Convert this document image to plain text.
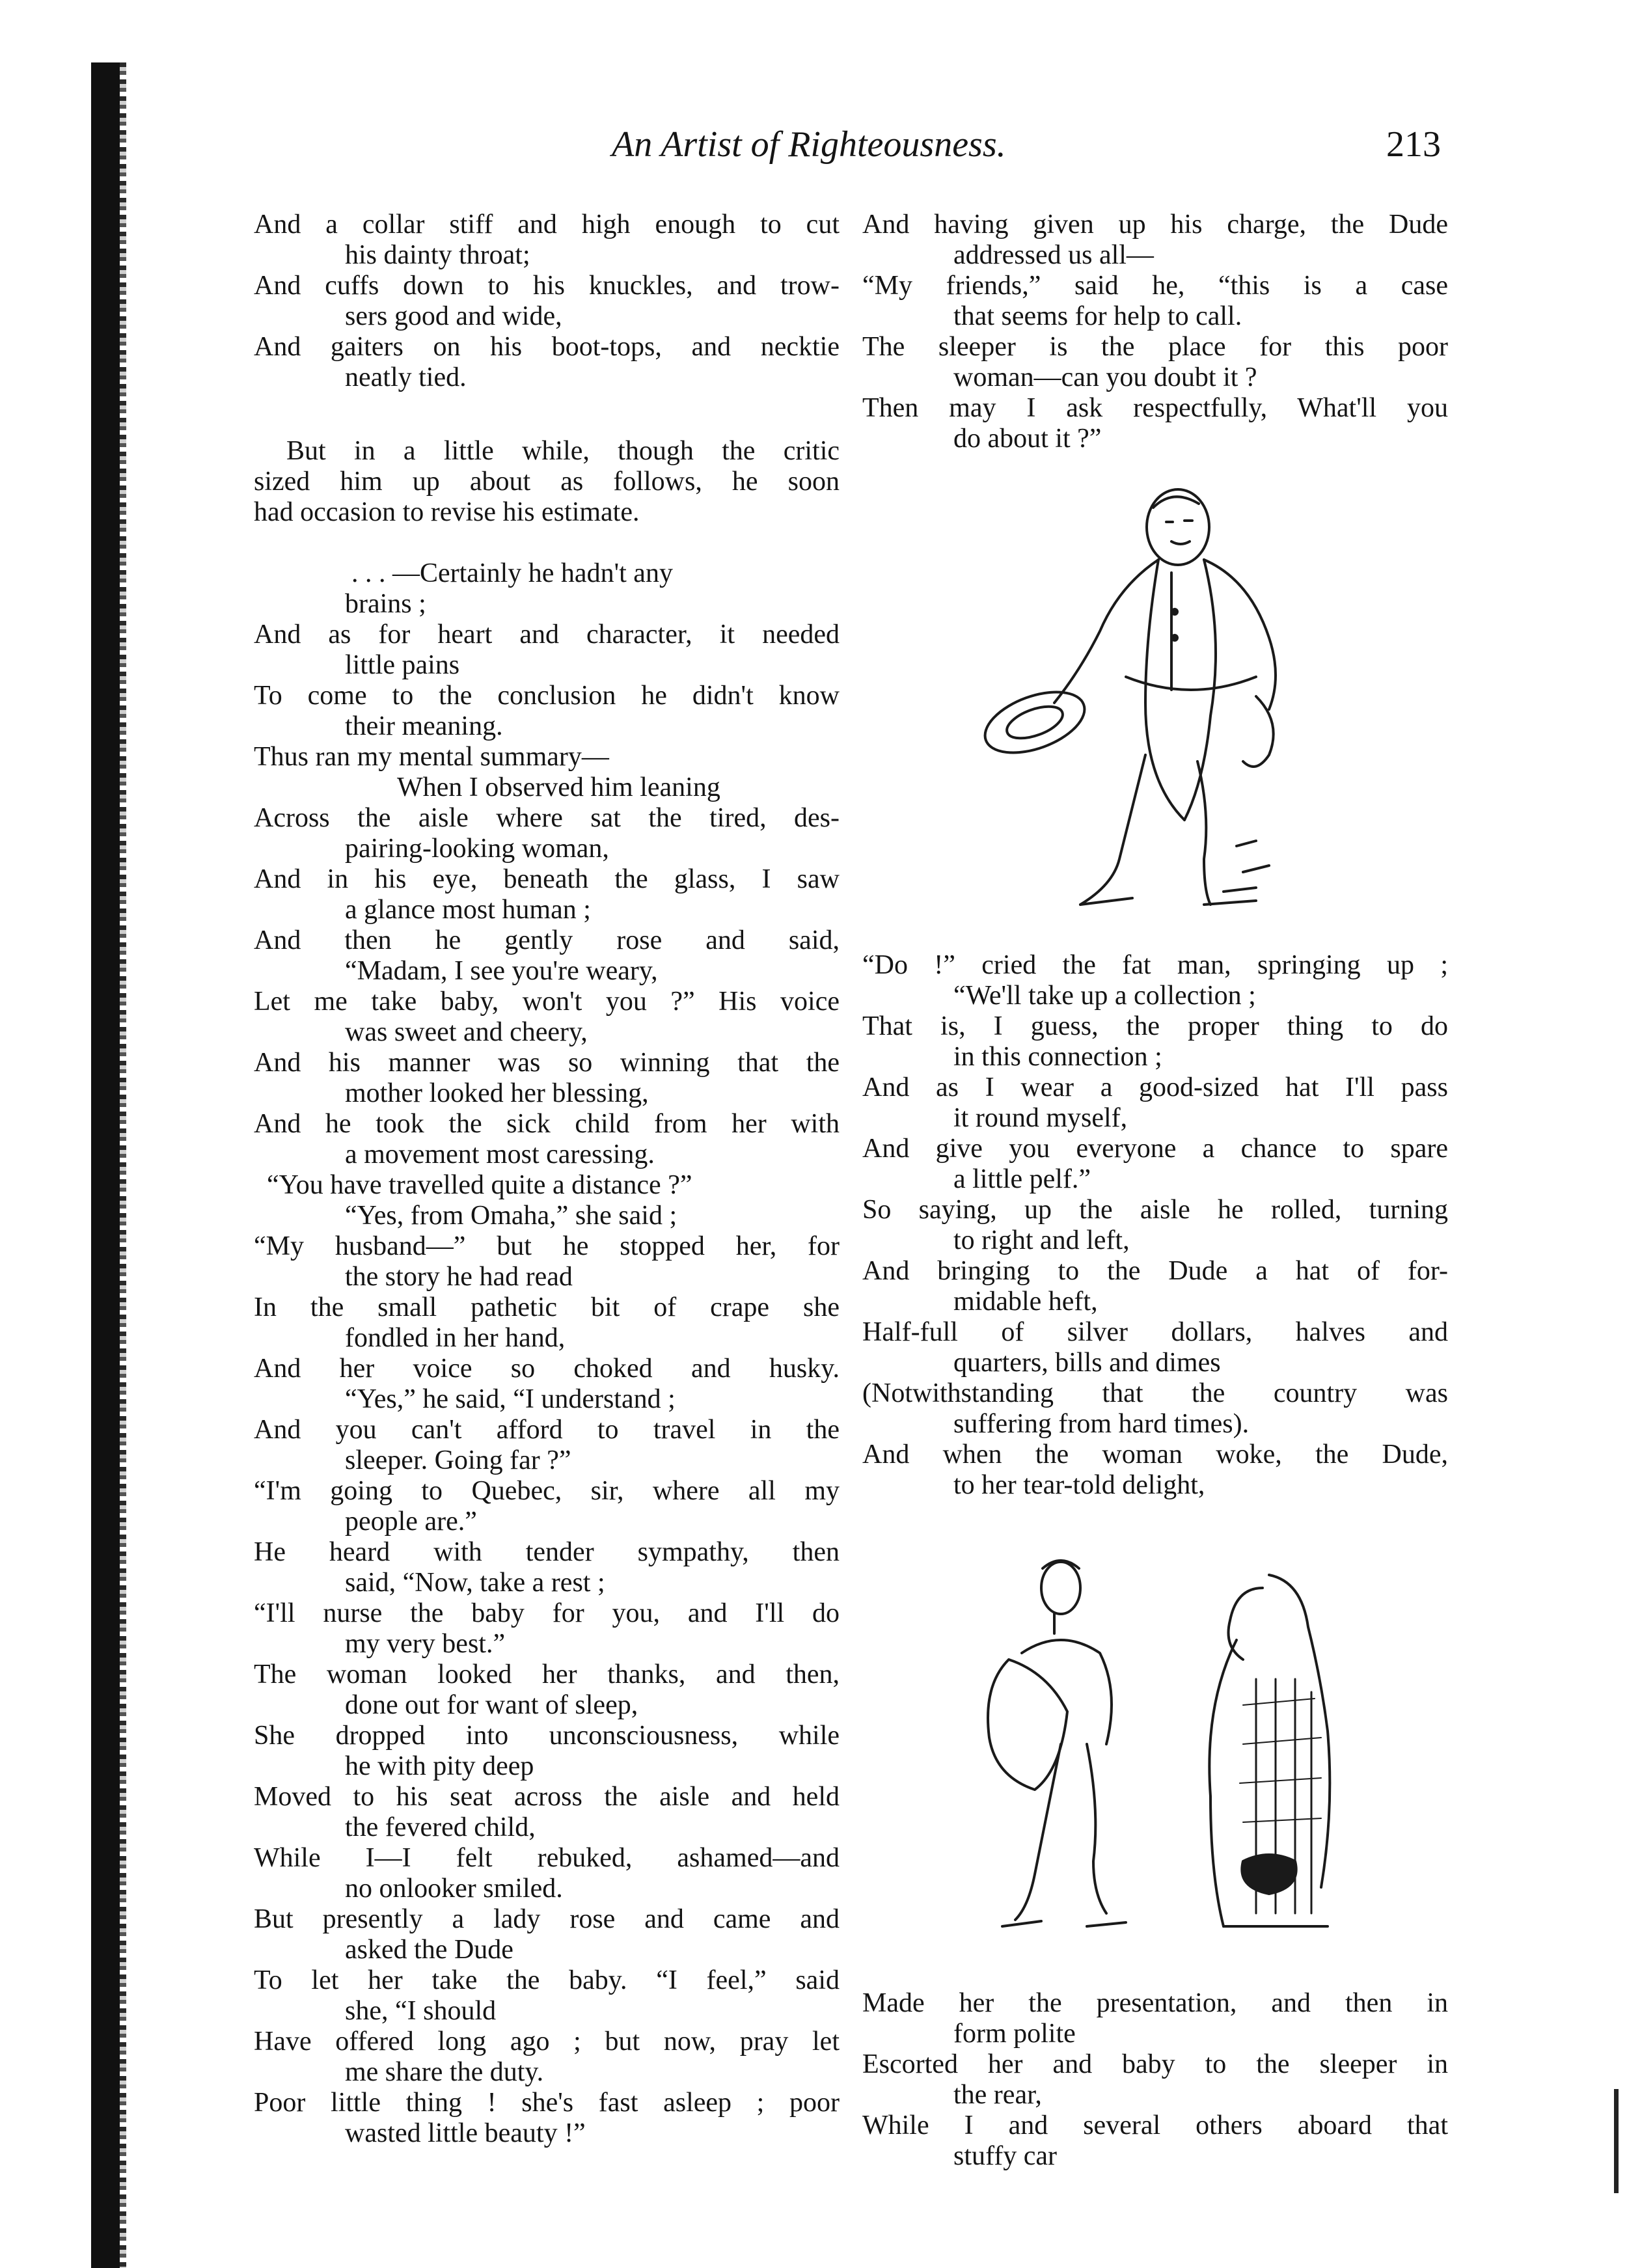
An Artist of Righteousness.	213
And a collar stiff and high enough to cut
his dainty throat;
And cuffs down to his knuckles, and trow-
sers good and wide,
And gaiters on his boot-tops, and necktie
neatly tied.
But in a little while, though the critic
sized him up about as follows, he soon
had occasion to revise his estimate.
. . . —Certainly he hadn't any
brains ;
And as for heart and character, it needed
little pains
To come to the conclusion he didn't know
their meaning.
Thus ran my mental summary—
When I observed him leaning
Across the aisle where sat the tired, des-
pairing-looking woman,
And in his eye, beneath the glass, I saw
a glance most human ;
And then he gently rose and said,
“Madam, I see you're weary,
Let me take baby, won't you ?” His voice
was sweet and cheery,
And his manner was so winning that the
mother looked her blessing,
And he took the sick child from her with
a movement most caressing.
“You have travelled quite a distance ?”
“Yes, from Omaha,” she said ;
“My husband—” but he stopped her, for
the story he had read
In the small pathetic bit of crape she
fondled in her hand,
And her voice so choked and husky.
“Yes,” he said, “I understand ;
And you can't afford to travel in the
sleeper. Going far ?”
“I'm going to Quebec, sir, where all my
people are.”
He heard with tender sympathy, then
said, “Now, take a rest ;
“I'll nurse the baby for you, and I'll do
my very best.”
The woman looked her thanks, and then,
done out for want of sleep,
She dropped into unconsciousness, while
he with pity deep
Moved to his seat across the aisle and held
the fevered child,
While I—I felt rebuked, ashamed—and
no onlooker smiled.
But presently a lady rose and came and
asked the Dude
To let her take the baby. “I feel,” said
she, “I should
Have offered long ago ; but now, pray let
me share the duty.
Poor little thing ! she's fast asleep ; poor
wasted little beauty !”
And having given up his charge, the Dude
addressed us all—
“My friends,” said he, “this is a case
that seems for help to call.
The sleeper is the place for this poor
woman—can you doubt it ?
Then may I ask respectfully, What'll you
do about it ?”
“Do !” cried the fat man, springing up ;
“We'll take up a collection ;
That is, I guess, the proper thing to do
in this connection ;
And as I wear a good-sized hat I'll pass
it round myself,
And give you everyone a chance to spare
a little pelf.”
So saying, up the aisle he rolled, turning
to right and left,
And bringing to the Dude a hat of for-
midable heft,
Half-full of silver dollars, halves and
quarters, bills and dimes
(Notwithstanding that the country was
suffering from hard times).
And when the woman woke, the Dude,
to her tear-told delight,
Made her the presentation, and then in
form polite
Escorted her and baby to the sleeper in
the rear,
While I and several others aboard that
stuffy car
